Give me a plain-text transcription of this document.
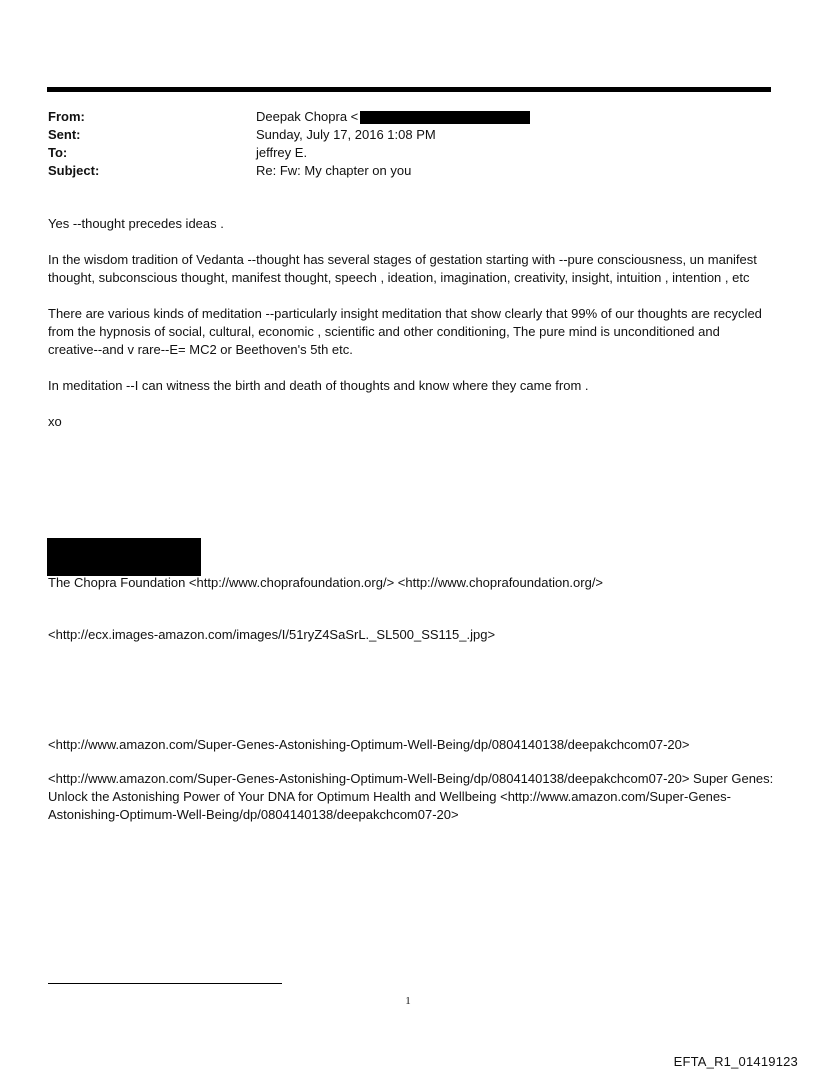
From:	Deepak Chopra <
Sent:	Sunday, July 17, 2016 1:08 PM
To:	jeffrey E.
Subject:	Re: Fw: My chapter on you

Yes --thought precedes ideas .

In the wisdom tradition of Vedanta --thought has several stages of gestation starting with --pure consciousness, un manifest thought, subconscious thought, manifest thought, speech , ideation, imagination, creativity, insight, intuition , intention , etc

There are various kinds of meditation --particularly insight meditation that show clearly that 99% of our thoughts are recycled from the hypnosis of social, cultural, economic , scientific and other conditioning, The pure mind is unconditioned and creative--and v rare--E= MC2 or Beethoven's 5th etc.

In meditation --I can witness the birth and death of thoughts and know where they came from .

xo

The Chopra Foundation <http://www.choprafoundation.org/> <http://www.choprafoundation.org/>
<http://ecx.images-amazon.com/images/I/51ryZ4SaSrL._SL500_SS115_.jpg>
<http://www.amazon.com/Super-Genes-Astonishing-Optimum-Well-Being/dp/0804140138/deepakchcom07-20>
<http://www.amazon.com/Super-Genes-Astonishing-Optimum-Well-Being/dp/0804140138/deepakchcom07-20> Super Genes: Unlock the Astonishing Power of Your DNA for Optimum Health and Wellbeing <http://www.amazon.com/Super-Genes-Astonishing-Optimum-Well-Being/dp/0804140138/deepakchcom07-20>
1
EFTA_R1_01419123
